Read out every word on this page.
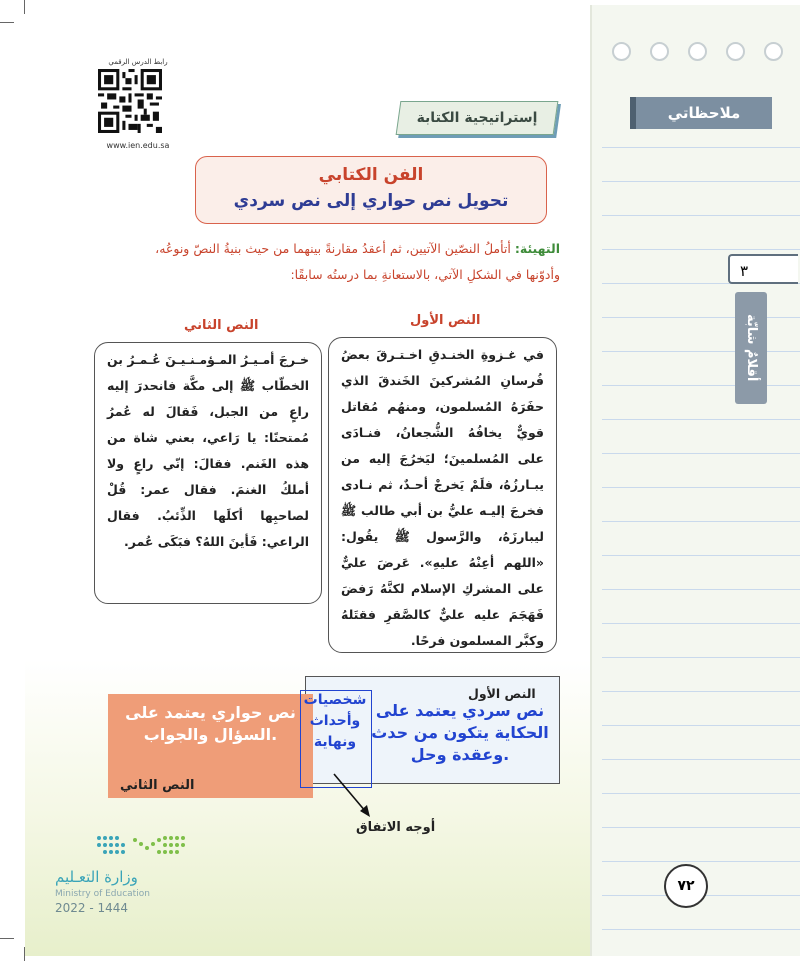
ملاحظاتي
٣
أقلامٌ شابّة
رابط الدرس الرقمي
www.ien.edu.sa
إستراتيجية الكتابة
الفن الكتابي
تحويل نص حواري إلى نص سردي
التهيئة: أتأملُ النصّين الآتيين، ثم أعقدُ مقارنةً بينهما من حيث بنيةُ النصّ ونوعُه، وأدوّنها في الشكلِ الآتي، بالاستعانةِ بما درستُه سابقًا:
النص الأول
النص الثاني
في غـزوةِ الخنـدقِ اخـتـرقَ بعضُ فُرسانِ المُشركينَ الخَندقَ الذي حفَرَهُ المُسلمون، ومنهُم مُقاتل قويٌّ يخافُهُ الشُّجعانُ، فنـادَى على المُسلمينَ؛ ليَخرُجَ إليه من يبـارزُهُ، فلَمْ يَخرجْ أحـدٌ، ثم نـادى فخرجَ إليـه عليُّ بن أبي طالب ﷺ ليبارزَهُ، والرَّسول ﷺ يقُول: «اللهم أعِنْهُ عليهِ». عَرضَ عليٌّ على المشركِ الإسلام لكنَّهُ رَفضَ فَهَجَمَ عليه عليٌّ كالصَّقرِ فقتَلهُ وكبَّر المسلمون فرحًا.
خـرجَ أمـيـرُ المـؤمـنـيـنَ عُـمـرُ بن الخطّاب ﷺ إلى مكَّة فانحدرَ إليه راعٍ من الجبل، فَقالَ له عُمرُ مُمتحنًا: يا رَاعي، بعني شاة من هذه الغَنم. فقالَ: إنّي راعٍ ولا أملكُ الغنمَ. فقال عمر: قُلْ لصاحبِها أكلَها الذِّئبُ. فقال الراعي: فَأينَ اللهُ؟ فبَكَى عُمر.
النص الأول
نص سردي يعتمد على الحكاية يتكون من حدث وعقدة وحل.
نص حواري يعتمد على السؤال والجواب.
النص الثاني
شخصيات وأحداث ونهاية
أوجه الاتفاق
وزارة التعـليم
Ministry of Education
2022 - 1444
٧٢
